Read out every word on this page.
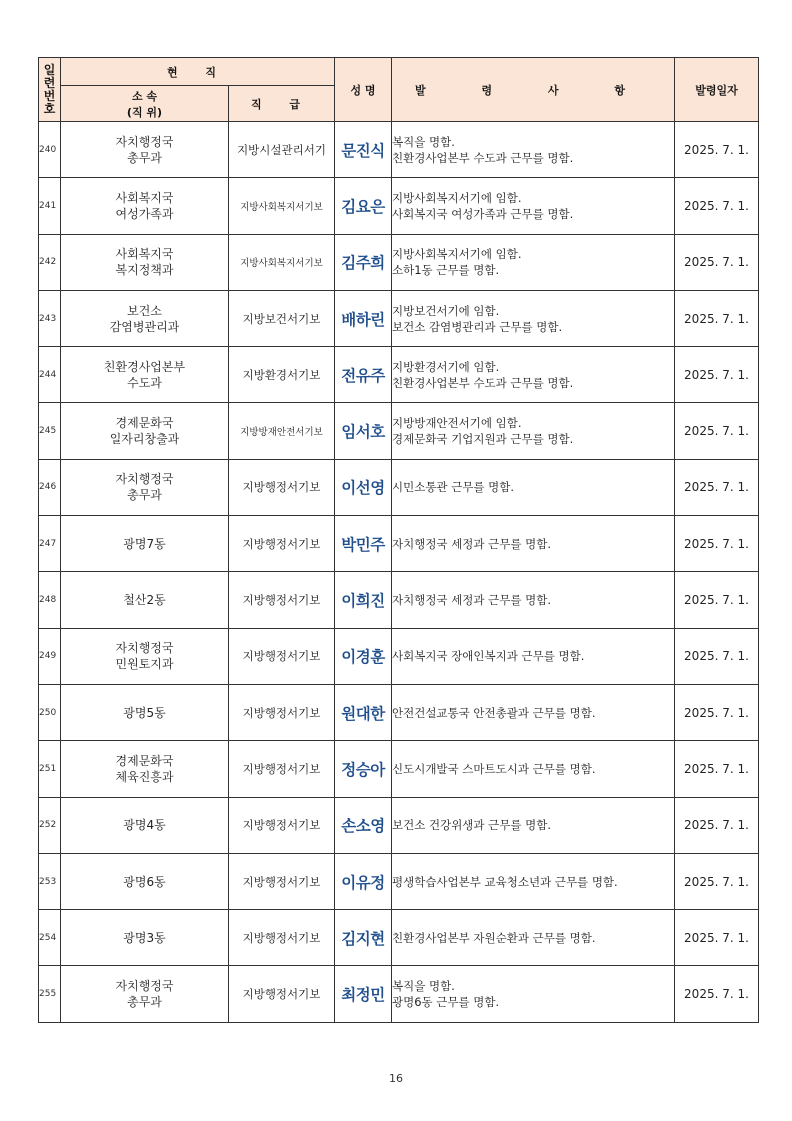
일련번호	현 직		성 명	발 령 사 항	발령일자

	소 속
(직 위)	직 급			
240	자치행정국
총무과	지방시설관리서기	문진식	복직을 명함.
친환경사업본부 수도과 근무를 명함.	2025. 7. 1.
241	사회복지국
여성가족과	지방사회복지서기보	김요은	지방사회복지서기에 임함.
사회복지국 여성가족과 근무를 명함.	2025. 7. 1.
242	사회복지국
복지정책과	지방사회복지서기보	김주희	지방사회복지서기에 임함.
소하1동 근무를 명함.	2025. 7. 1.
243	보건소
감염병관리과	지방보건서기보	배하린	지방보건서기에 임함.
보건소 감염병관리과 근무를 명함.	2025. 7. 1.
244	친환경사업본부
수도과	지방환경서기보	전유주	지방환경서기에 임함.
친환경사업본부 수도과 근무를 명함.	2025. 7. 1.
245	경제문화국
일자리창출과	지방방재안전서기보	임서호	지방방재안전서기에 임함.
경제문화국 기업지원과 근무를 명함.	2025. 7. 1.
246	자치행정국
총무과	지방행정서기보	이선영	시민소통관 근무를 명함.	2025. 7. 1.
247	광명7동	지방행정서기보	박민주	자치행정국 세정과 근무를 명함.	2025. 7. 1.
248	철산2동	지방행정서기보	이희진	자치행정국 세정과 근무를 명함.	2025. 7. 1.
249	자치행정국
민원토지과	지방행정서기보	이경훈	사회복지국 장애인복지과 근무를 명함.	2025. 7. 1.
250	광명5동	지방행정서기보	원대한	안전건설교통국 안전총괄과 근무를 명함.	2025. 7. 1.
251	경제문화국
체육진흥과	지방행정서기보	정승아	신도시개발국 스마트도시과 근무를 명함.	2025. 7. 1.
252	광명4동	지방행정서기보	손소영	보건소 건강위생과 근무를 명함.	2025. 7. 1.
253	광명6동	지방행정서기보	이유정	평생학습사업본부 교육청소년과 근무를 명함.	2025. 7. 1.
254	광명3동	지방행정서기보	김지현	친환경사업본부 자원순환과 근무를 명함.	2025. 7. 1.
255	자치행정국
총무과	지방행정서기보	최정민	복직을 명함.
광명6동 근무를 명함.	2025. 7. 1.
16
